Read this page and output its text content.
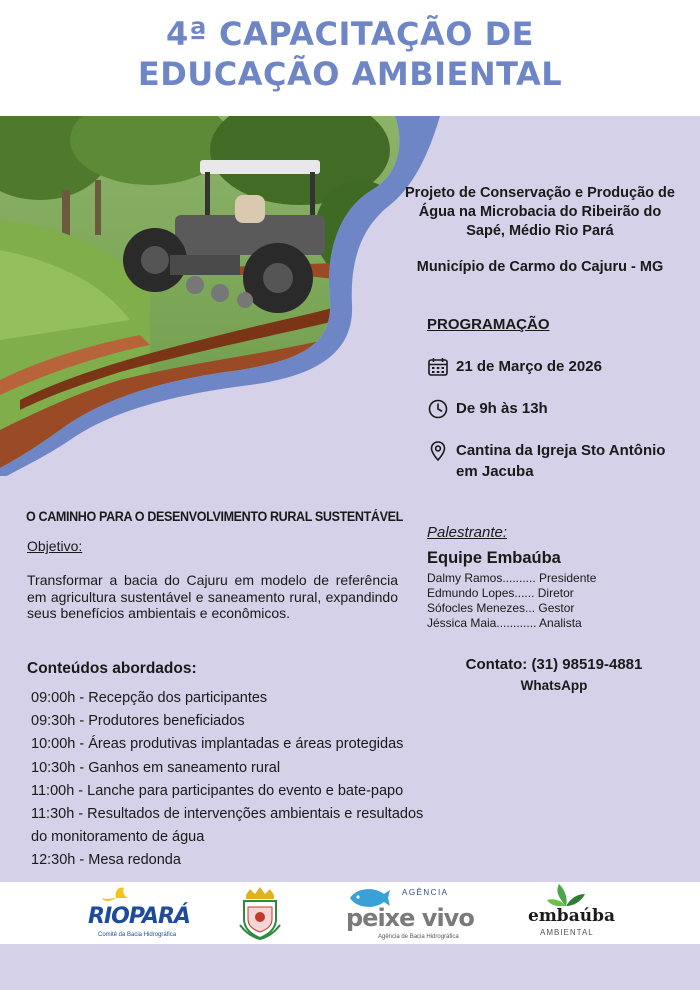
4ª CAPACITAÇÃO DE
EDUCAÇÃO AMBIENTAL
Projeto de Conservação e Produção de
Água na Microbacia do Ribeirão do
Sapé, Médio Rio Pará
Município de Carmo do Cajuru - MG
PROGRAMAÇÃO
21 de Março de 2026
De 9h às 13h
Cantina da Igreja Sto Antônio
em Jacuba
O CAMINHO PARA O DESENVOLVIMENTO RURAL SUSTENTÁVEL
Objetivo:
Transformar a bacia do Cajuru em modelo de referência em agricultura sustentável e saneamento rural, expandindo seus benefícios ambientais e econômicos.
Conteúdos abordados:
09:00h - Recepção dos participantes
09:30h - Produtores beneficiados
10:00h - Áreas produtivas implantadas e áreas protegidas
10:30h - Ganhos em saneamento rural
11:00h - Lanche para participantes do evento e bate-papo
11:30h - Resultados de intervenções ambientais e resultados
do monitoramento de água
12:30h - Mesa redonda
Palestrante:
Equipe Embaúba
Dalmy Ramos.......... Presidente
Edmundo Lopes...... Diretor
Sófocles Menezes... Gestor
Jéssica Maia............ Analista
Contato: (31) 98519-4881
WhatsApp
RIOPARÁ
Comitê da Bacia Hidrográfica
AGÊNCIA
peixe vivo
Agência de Bacia Hidrográfica
embaúba
AMBIENTAL
